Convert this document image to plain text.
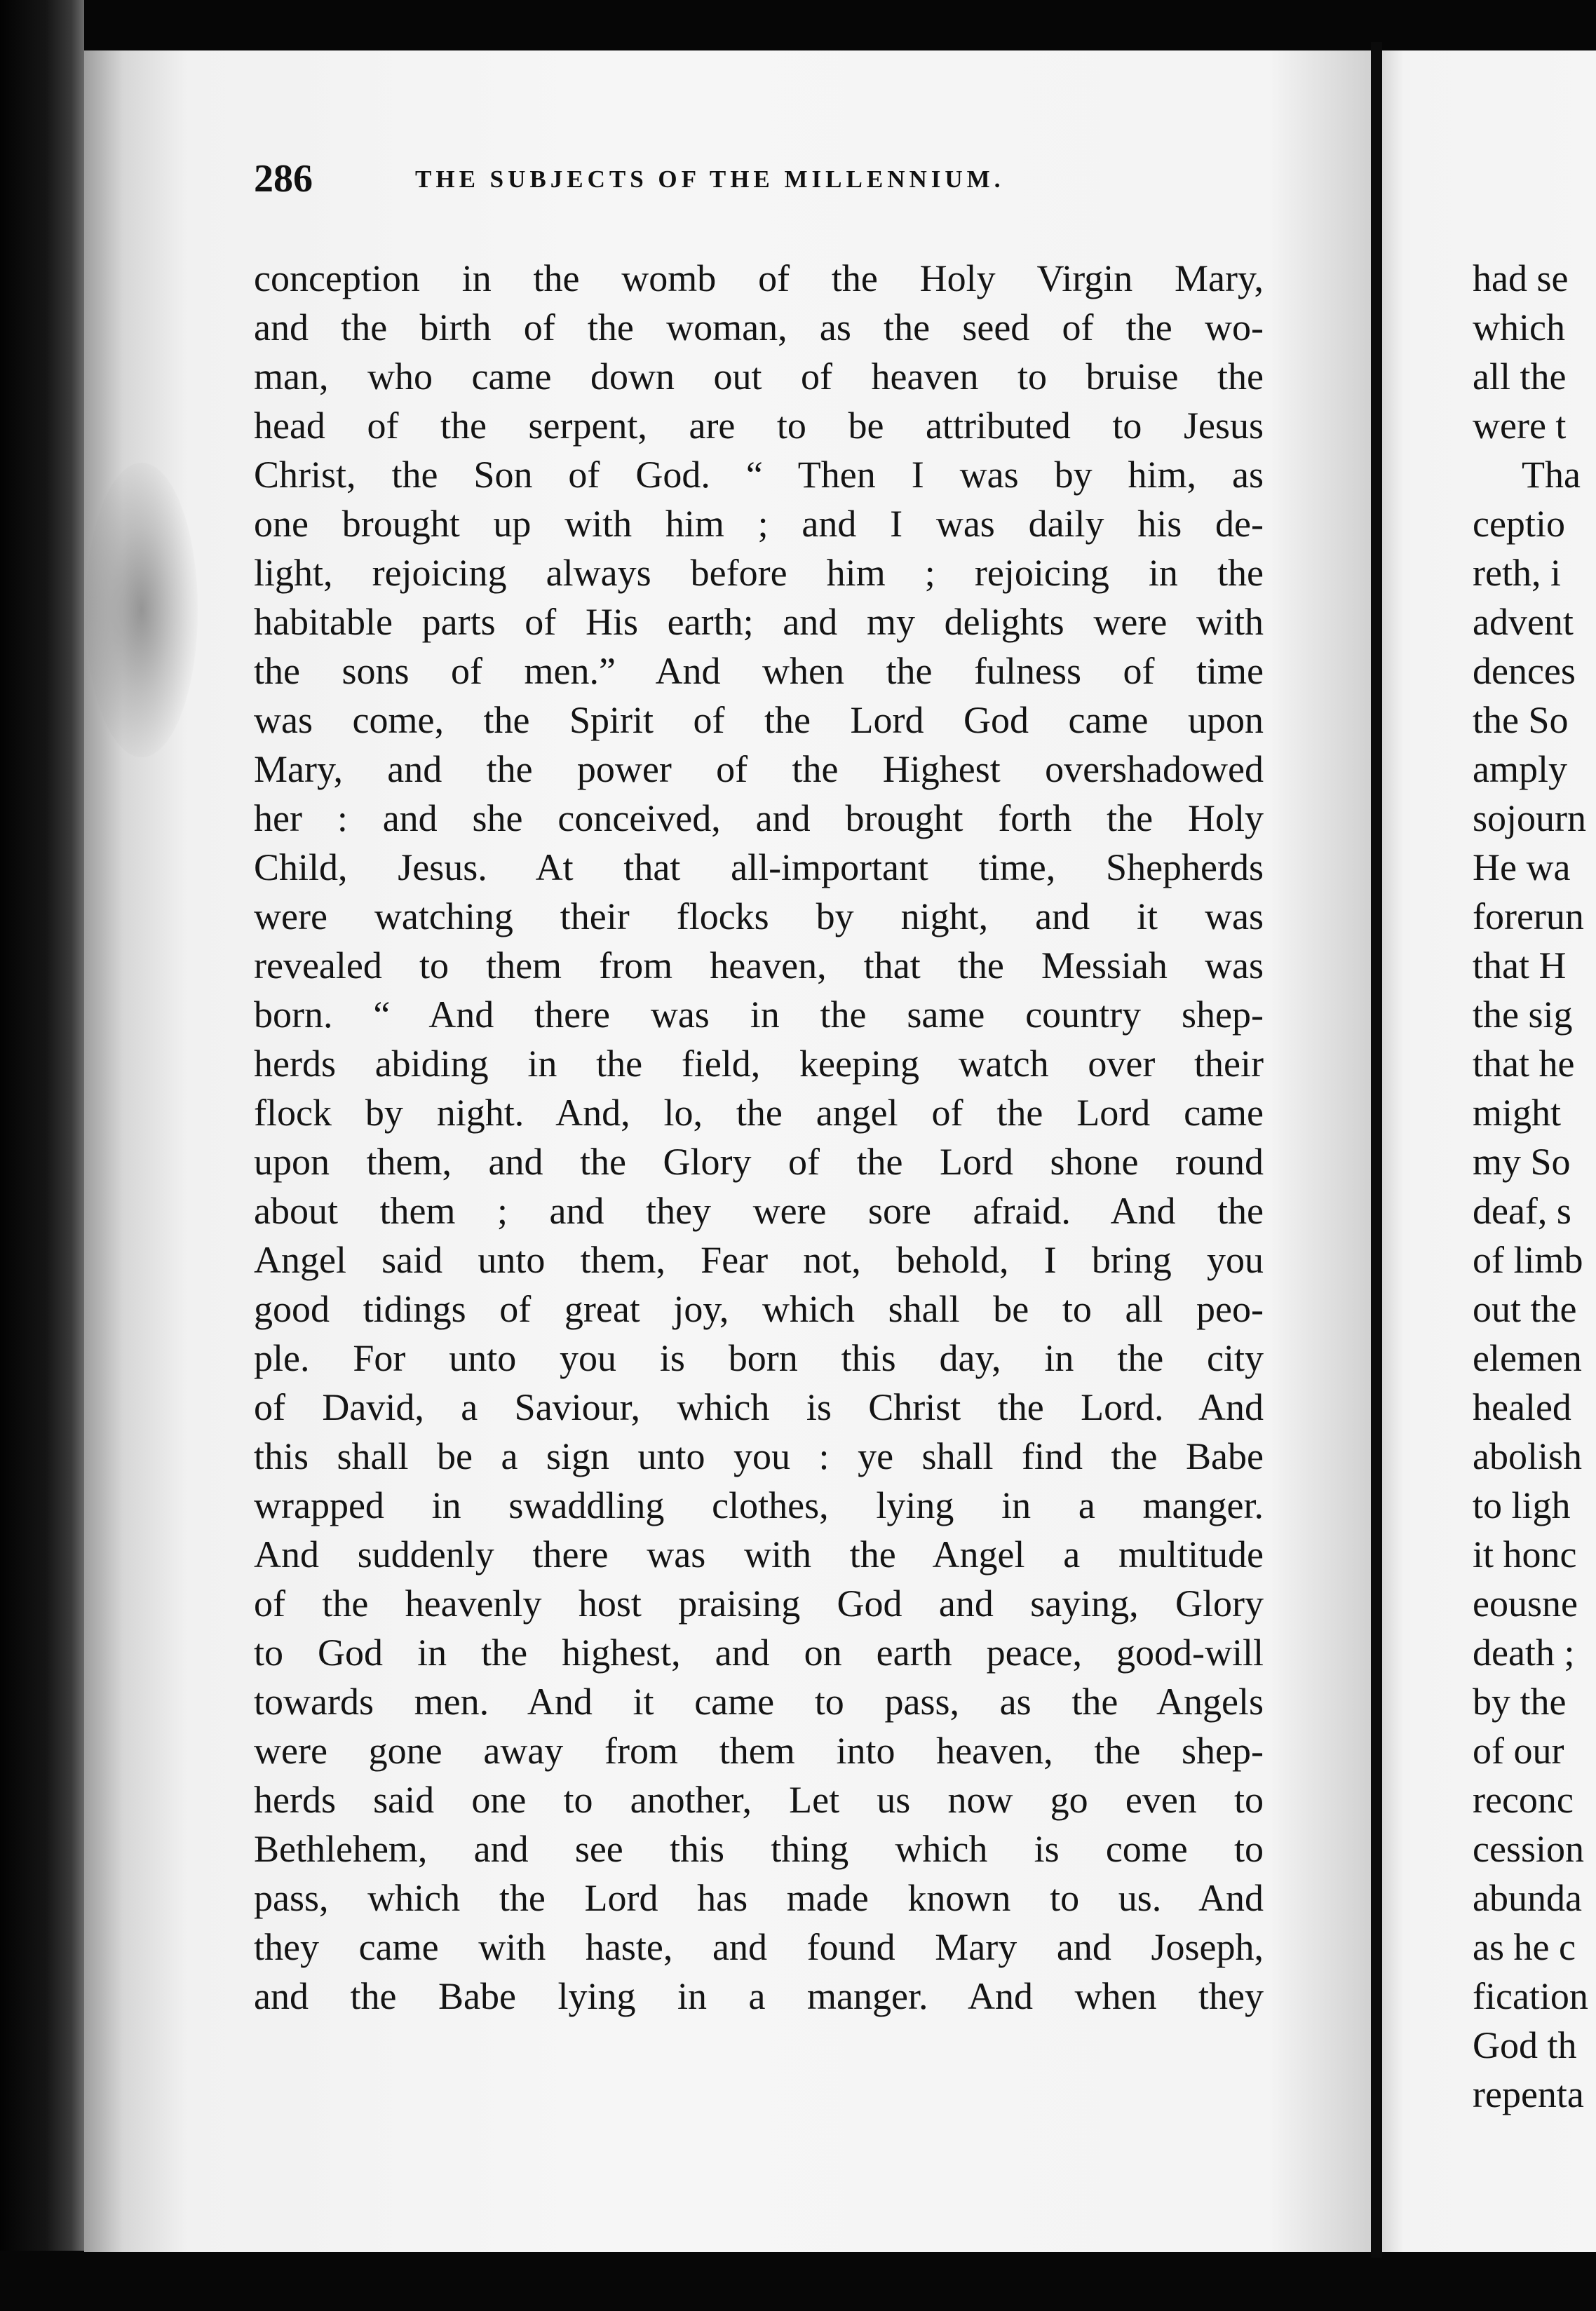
286	THE SUBJECTS OF THE MILLENNIUM.
conception in the womb of the Holy Virgin Mary,
and the birth of the woman, as the seed of the wo-
man, who came down out of heaven to bruise the
head of the serpent, are to be attributed to Jesus
Christ, the Son of God. “ Then I was by him, as
one brought up with him ; and I was daily his de-
light, rejoicing always before him ; rejoicing in the
habitable parts of His earth; and my delights were with
the sons of men.” And when the fulness of time
was come, the Spirit of the Lord God came upon
Mary, and the power of the Highest overshadowed
her : and she conceived, and brought forth the Holy
Child, Jesus. At that all-important time, Shepherds
were watching their flocks by night, and it was
revealed to them from heaven, that the Messiah was
born. “ And there was in the same country shep-
herds abiding in the field, keeping watch over their
flock by night. And, lo, the angel of the Lord came
upon them, and the Glory of the Lord shone round
about them ; and they were sore afraid. And the
Angel said unto them, Fear not, behold, I bring you
good tidings of great joy, which shall be to all peo-
ple. For unto you is born this day, in the city
of David, a Saviour, which is Christ the Lord. And
this shall be a sign unto you : ye shall find the Babe
wrapped in swaddling clothes, lying in a manger.
And suddenly there was with the Angel a multitude
of the heavenly host praising God and saying, Glory
to God in the highest, and on earth peace, good-will
towards men. And it came to pass, as the Angels
were gone away from them into heaven, the shep-
herds said one to another, Let us now go even to
Bethlehem, and see this thing which is come to
pass, which the Lord has made known to us. And
they came with haste, and found Mary and Joseph,
and the Babe lying in a manger. And when they
had se
which
all the
were t
Tha
ceptio
reth, i
advent
dences
the So
amply
sojourn
He wa
forerun
that H
the sig
that he
might
my So
deaf, s
of limb
out the
elemen
healed
abolish
to ligh
it honc
eousne
death ;
by the
of our
reconc
cession
abunda
as he c
fication
God th
repenta
